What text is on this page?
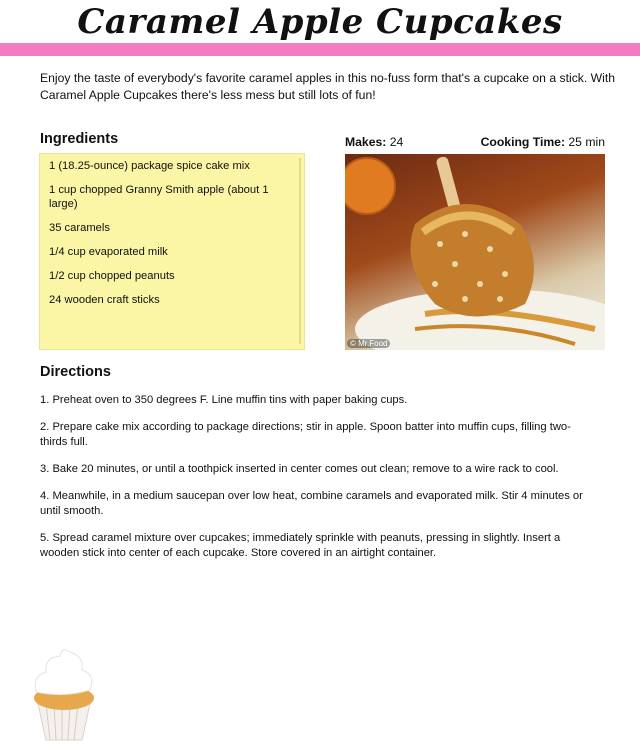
Caramel Apple Cupcakes
Enjoy the taste of everybody's favorite caramel apples in this no-fuss form that's a cupcake on a stick. With Caramel Apple Cupcakes there's less mess but still lots of fun!
Ingredients
1 (18.25-ounce) package spice cake mix
1 cup chopped Granny Smith apple (about 1 large)
35 caramels
1/4 cup evaporated milk
1/2 cup chopped peanuts
24 wooden craft sticks
Makes: 24	Cooking Time: 25 min
© Mr.Food
Directions

1. Preheat oven to 350 degrees F. Line muffin tins with paper baking cups.

2. Prepare cake mix according to package directions; stir in apple. Spoon batter into muffin cups, filling two-thirds full.

3. Bake 20 minutes, or until a toothpick inserted in center comes out clean; remove to a wire rack to cool.

4. Meanwhile, in a medium saucepan over low heat, combine caramels and evaporated milk. Stir 4 minutes or until smooth.

5. Spread caramel mixture over cupcakes; immediately sprinkle with peanuts, pressing in slightly. Insert a wooden stick into center of each cupcake. Store covered in an airtight container.
